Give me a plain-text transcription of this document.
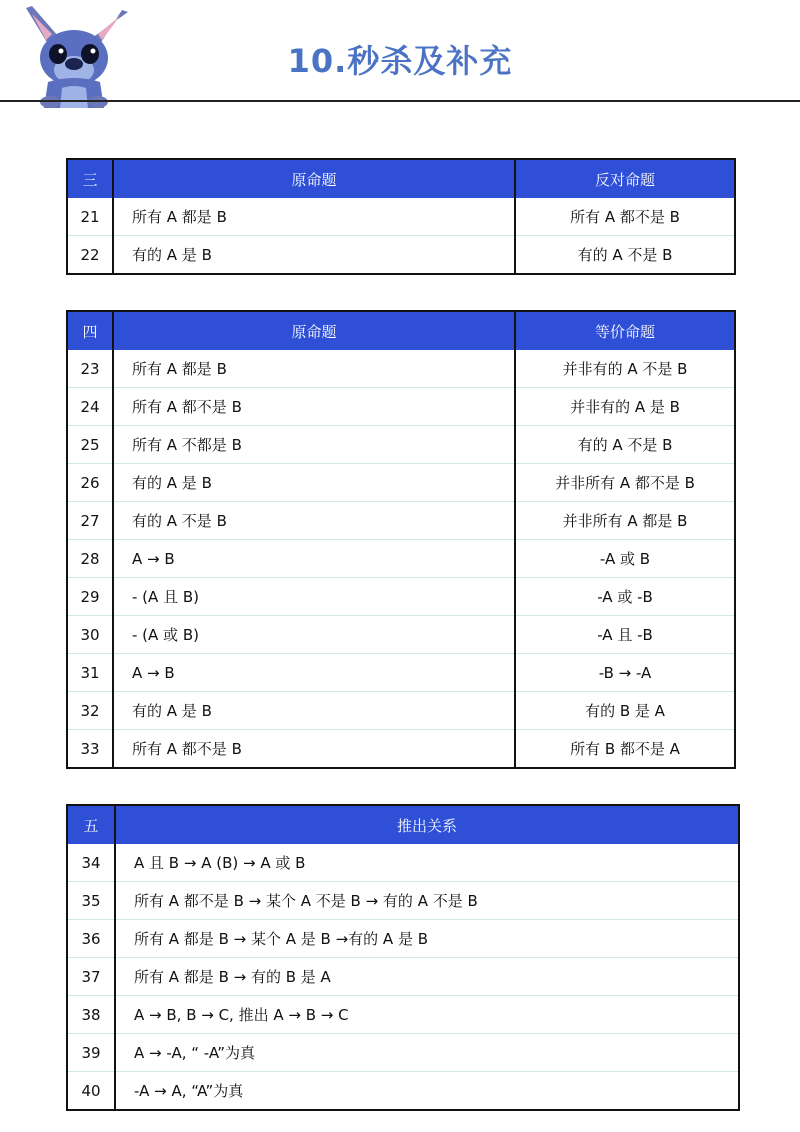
10.秒杀及补充
三	原命题	反对命题
21	所有 A 都是 B	所有 A 都不是 B
22	有的 A 是 B	有的 A 不是 B
四	原命题	等价命题
23	所有 A 都是 B	并非有的 A 不是 B
24	所有 A 都不是 B	并非有的 A 是 B
25	所有 A 不都是 B	有的 A 不是 B
26	有的 A 是 B	并非所有 A 都不是 B
27	有的 A 不是 B	并非所有 A 都是 B
28	A → B	-A 或 B
29	- (A 且 B)	-A 或 -B
30	- (A 或 B)	-A 且 -B
31	A → B	-B → -A
32	有的 A 是 B	有的 B 是 A
33	所有 A 都不是 B	所有 B 都不是 A
五	推出关系
34	A 且 B → A (B) → A 或 B
35	所有 A 都不是 B → 某个 A 不是 B → 有的 A 不是 B
36	所有 A 都是 B → 某个 A 是 B →有的 A 是 B
37	所有 A 都是 B → 有的 B 是 A
38	A → B, B → C, 推出 A → B → C
39	A → -A, “ -A”为真
40	-A → A, “A”为真
